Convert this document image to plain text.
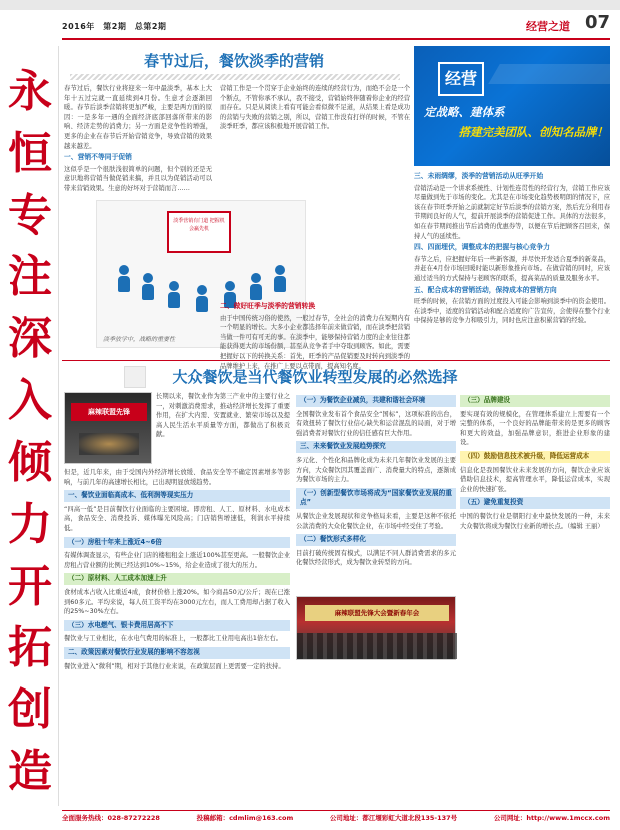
2016年　第2期　总第2期	经营之道 07
永
恒
专
注
深
入
倾
力
开
拓
创
造
春节过后，餐饮淡季的营销

春节过后，餐饮行业将迎来一年中最淡季，基本上大年十五过完就一直延续到4月份。生意才会逐渐回暖。春节后淡季营销将更加严峻，主要是两方面的原因：一是多年一遇的全面经济底部回落所带来的影响、经济走势的消费力；另一方面是竞争性的增强，更多的企业在春节后开始营销竞争，导致营销的效果越来越差。

一、营销不等同于促销

这似乎是一个很肤浅很简单的问题，但个别的还是无意识地将营销当做促销来搞，并且以为促销活动可以带来营销效果。生意的好坏对于营销而言……

营销工作是一个贯穿于企业始终的连续的经营行为，而绝不会是一个个断点，不管你承不承认，我不接受，营销始终伴随着你企业的经营而存在。只是从阅读上看有可能会看似微不足道，从结果上看是成功的营销与失败的营销之别，所以，营销工作没有打烊的时候，不管在淡季旺季，都应该积极地开展营销工作。

淡季营销有门道 把握机会赢先机
淡季放学中，战略的重要性
二、做好旺季与淡季的营销转换

由于中国传统习俗的使然，一般过春节，全社会的消费力在短期内有一个明显的增长。大多小企业都选择年前来做营销，而在淡季把营销当做一件可有可无的事。在淡季中，能够保持营销力度的企业往往都能获得更大的市场份额，甚至从竞争者手中夺取到顾客。如此，需要把握好以下的转换关系：首先，旺季的产品促销要及时转向到淡季的品牌维护上来，在推广上要以点带面，提高知名度。

经营
定战略、建体系
搭建完美团队、创知名品牌！
三、未雨绸缪，淡季的营销活动从旺季开始

营销活动是一个讲求系统性、计划性连贯性的经营行为，营销工作应该尽量做到先于市场的变化。尤其是在市场变化趋势极明朗的情况下，应该在春节旺季开始之前就制定好节后淡季的营销方案，然后充分利用春节期间良好的人气，提前开展淡季的营销促进工作。具体的方法很多，如在春节期间推出节后消费的优惠券等，以便在节后把顾客召回来，保持人气的延续性。

四、四面埋伏，调整成本的把握与核心竞争力

春节之后，应把握好年后一些新客源，并尽快开发适合夏季的新菜品，并赶在4月份市场回暖时能以新形象推向市场。在做营销的同时，应该通过适当的方式保持与老顾客的联系，提高菜品的质量及服务水平。

五、配合成本的营销活动，保持成本的营销方向

旺季的时候，在营销方面的过度投入可能会影响到淡季中的资金使用。在淡季中，适度的营销活动和配合适度的广告宣传，会使得在整个行业中保持足够的竞争力和吸引力，同时也应注意积累营销的经验。

大众餐饮是当代餐饮业转型发展的必然选择
麻辣联盟先锋

长期以来，餐饮业作为第三产业中的主要行业之一，对刺激消费需求，推动经济增长发挥了重要作用，在扩大内需、安置就业、繁荣市场以及提高人民生活水平质量等方面，都做出了积极贡献。

但是，近几年来，由于受国内外经济增长放缓、食品安全等不确定因素增多等影响，与前几年的高速增长相比，已出现明显放缓趋势。

一、餐饮业面临高成本、低利润等现实压力

“四高一低”是目前餐饮行业面临的主要困境。即房租、人工、原材料、水电成本高，食品安全、消费投诉、媒体曝光风险高；门店销售增速低，利润水平持续低。

（一）房租十年来上涨近4~6倍

有媒体调查显示，有些企业门店的楼租租金上涨近100%甚至更高。一般餐饮企业房租占营业额的比例已经达到10%~15%，给企业造成了很大的压力。

（二）原材料、人工成本加速上升

食材成本占收入比重近4成，食材价格上涨20%。如今商品50元/公斤；现在已涨到60多元。平均来说，每人员工资平均在3000元左右，而人工费用却占据了收入的25%~30%左右。

（三）水电燃气、银卡费用居高不下

餐饮业与工业相比，在水电气费用的标准上，一般都比工业用电高出1倍左右。

二、政策因素对餐饮行业发展的影响不容忽视

餐饮业进入“微利”期，相对于其他行业来说，在政策层面上更需要一定的扶持。

（一）为餐饮企业减负，共建和谐社会环境

全国餐饮业发布首个食品安全“国标”，这项标准的出台，有效扭转了餐饮行业信心缺失和运营混乱的局面，对于增强消费者对餐饮行业的信任感有巨大作用。

三、未来餐饮业发展趋势探究

多元化、个性化和品牌化成为未来几年餐饮业发展的主要方向，大众餐饮因其覆盖面广、消费量大的特点，逐渐成为餐饮市场的主力。

（一）创新型餐饮市场将成为“国家餐饮业发展的重点”

从餐饮企业发展现状和竞争格局来看，主要是这种不依托公款消费的大众化餐饮企业，在市场中经受住了考验。

（二）餐饮形式多样化

目前打破传统固有模式，以满足不同人群消费需求的多元化餐饮经营形式，成为餐饮业转型的方向。

麻辣联盟先锋大会暨新春年会
（三）品牌建设

要实现有效的规模化，在管理体系建立上需要有一个完整的体系，一个良好的品牌能带来的是更多的顾客和更大的效益，加强品牌意识，推进企业形象的建设。

（四）鼓励信息技术被升级，降低运营成本

信息化是我国餐饮业未来发展的方向，餐饮企业应该借助信息技术，提高管理水平，降低运营成本，实现企业的快速扩张。

（五）避免重复投资

中国的餐饮行业是朝阳行业中最快发展的一种，未来大众餐饮将成为餐饮行业新的增长点。（编辑 王丽）

全面服务热线：028-87272228	投稿邮箱：cdmlim@163.com	公司地址：都江堰彩虹大道北段135-137号	公司网址：http://www.1mccx.com
